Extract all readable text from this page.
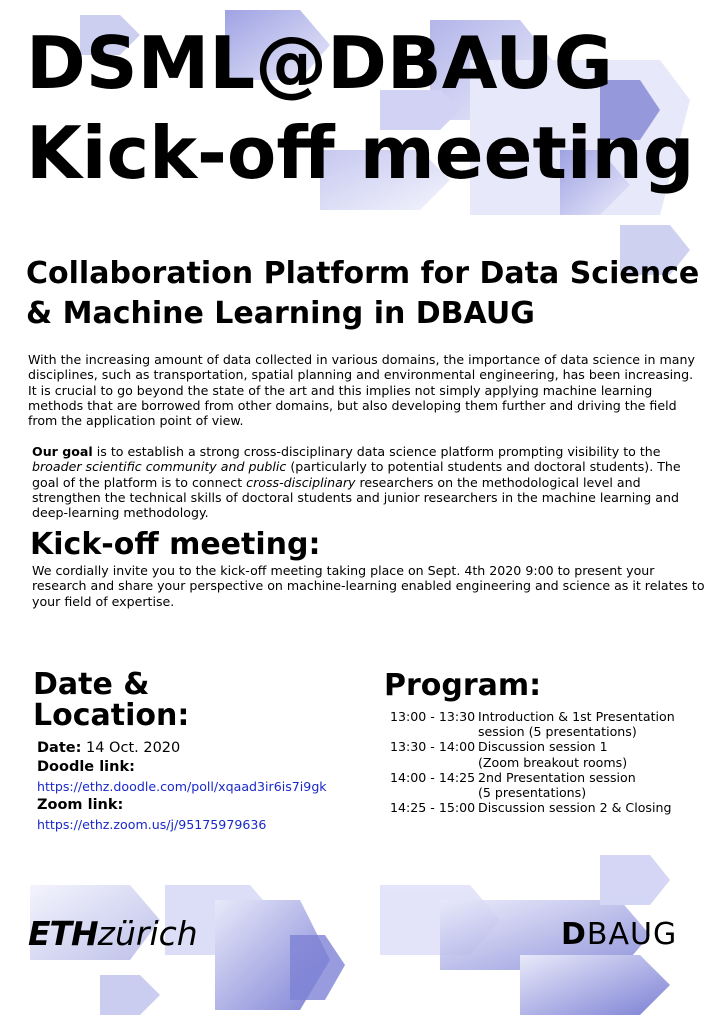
DSML@DBAUG
Kick-off meeting
Collaboration Platform for Data Science
& Machine Learning in DBAUG

With the increasing amount of data collected in various domains, the importance of data science in many disciplines, such as transportation, spatial planning and environmental engineering, has been increasing. It is crucial to go beyond the state of the art and this implies not simply applying machine learning methods that are borrowed from other domains, but also developing them further and driving the field from the application point of view.

Our goal is to establish a strong cross-disciplinary data science platform prompting visibility to the broader scientific community and public (particularly to potential students and doctoral students). The goal of the platform is to connect cross-disciplinary researchers on the methodological level and strengthen the technical skills of doctoral students and junior researchers in the machine learning and deep-learning methodology.

Kick-off meeting:

We cordially invite you to the kick-off meeting taking place on Sept. 4th 2020 9:00 to present your research and share your perspective on machine-learning enabled engineering and science as it relates to your field of expertise.

Date &
Location:
Date: 14 Oct. 2020
Doodle link:
https://ethz.doodle.com/poll/xqaad3ir6is7i9gk
Zoom link:
https://ethz.zoom.us/j/95175979636
Program:
13:00 - 13:30 Introduction & 1st Presentation
session (5 presentations)
13:30 - 14:00 Discussion session 1
(Zoom breakout rooms)
14:00 - 14:25 2nd Presentation session
(5 presentations)
14:25 - 15:00 Discussion session 2 & Closing
ETHzürich	DBAUG
